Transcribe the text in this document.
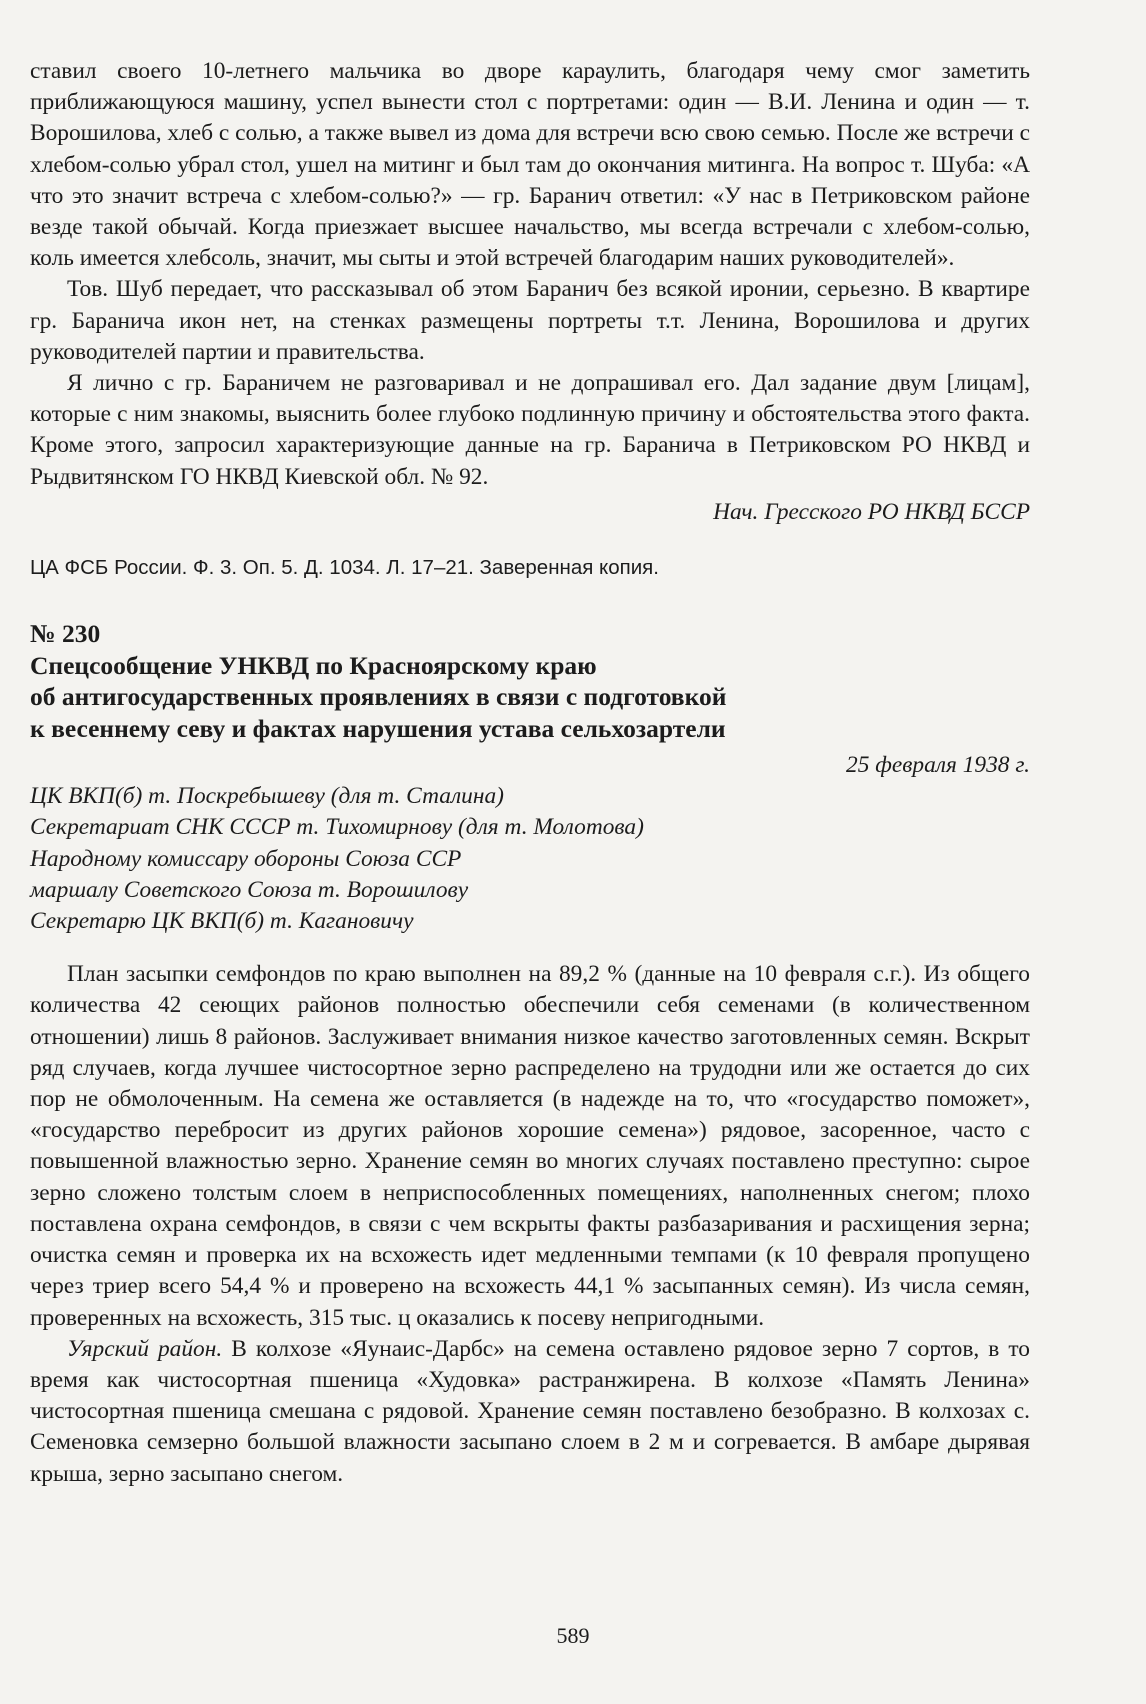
ставил своего 10-летнего мальчика во дворе караулить, благодаря чему смог заметить приближающуюся машину, успел вынести стол с портретами: один — В.И. Ленина и один — т. Ворошилова, хлеб с солью, а также вывел из дома для встречи всю свою семью. После же встречи с хлебом-солью убрал стол, ушел на митинг и был там до окончания митинга. На вопрос т. Шуба: «А что это значит встреча с хлебом-солью?» — гр. Баранич ответил: «У нас в Петриковском районе везде такой обычай. Когда приезжает высшее начальство, мы всегда встречали с хлебом-солью, коль имеется хлебсоль, значит, мы сыты и этой встречей благодарим наших руководителей».

Тов. Шуб передает, что рассказывал об этом Баранич без всякой иронии, серьезно. В квартире гр. Баранича икон нет, на стенках размещены портреты т.т. Ленина, Ворошилова и других руководителей партии и правительства.

Я лично с гр. Бараничем не разговаривал и не допрашивал его. Дал задание двум [лицам], которые с ним знакомы, выяснить более глубоко подлинную причину и обстоятельства этого факта. Кроме этого, запросил характеризующие данные на гр. Баранича в Петриковском РО НКВД и Рыдвитянском ГО НКВД Киевской обл. № 92.

Нач. Гресского РО НКВД БССР

ЦА ФСБ России. Ф. 3. Оп. 5. Д. 1034. Л. 17–21. Заверенная копия.

№ 230

Спецсообщение УНКВД по Красноярскому краю

об антигосударственных проявлениях в связи с подготовкой

к весеннему севу и фактах нарушения устава сельхозартели

25 февраля 1938 г.

ЦК ВКП(б) т. Поскребышеву (для т. Сталина)
Секретариат СНК СССР т. Тихомирнову (для т. Молотова)
Народному комиссару обороны Союза ССР
маршалу Советского Союза т. Ворошилову
Секретарю ЦК ВКП(б) т. Кагановичу

План засыпки семфондов по краю выполнен на 89,2 % (данные на 10 февраля с.г.). Из общего количества 42 сеющих районов полностью обеспечили себя семенами (в количественном отношении) лишь 8 районов. Заслуживает внимания низкое качество заготовленных семян. Вскрыт ряд случаев, когда лучшее чистосортное зерно распределено на трудодни или же остается до сих пор не обмолоченным. На семена же оставляется (в надежде на то, что «государство поможет», «государство перебросит из других районов хорошие семена») рядовое, засоренное, часто с повышенной влажностью зерно. Хранение семян во многих случаях поставлено преступно: сырое зерно сложено толстым слоем в неприспособленных помещениях, наполненных снегом; плохо поставлена охрана семфондов, в связи с чем вскрыты факты разбазаривания и расхищения зерна; очистка семян и проверка их на всхожесть идет медленными темпами (к 10 февраля пропущено через триер всего 54,4 % и проверено на всхожесть 44,1 % засыпанных семян). Из числа семян, проверенных на всхожесть, 315 тыс. ц оказались к посеву непригодными.

Уярский район. В колхозе «Яунаис-Дарбс» на семена оставлено рядовое зерно 7 сортов, в то время как чистосортная пшеница «Худовка» растранжирена. В колхозе «Память Ленина» чистосортная пшеница смешана с рядовой. Хранение семян поставлено безобразно. В колхозах с. Семеновка семзерно большой влажности засыпано слоем в 2 м и согревается. В амбаре дырявая крыша, зерно засыпано снегом.

589
